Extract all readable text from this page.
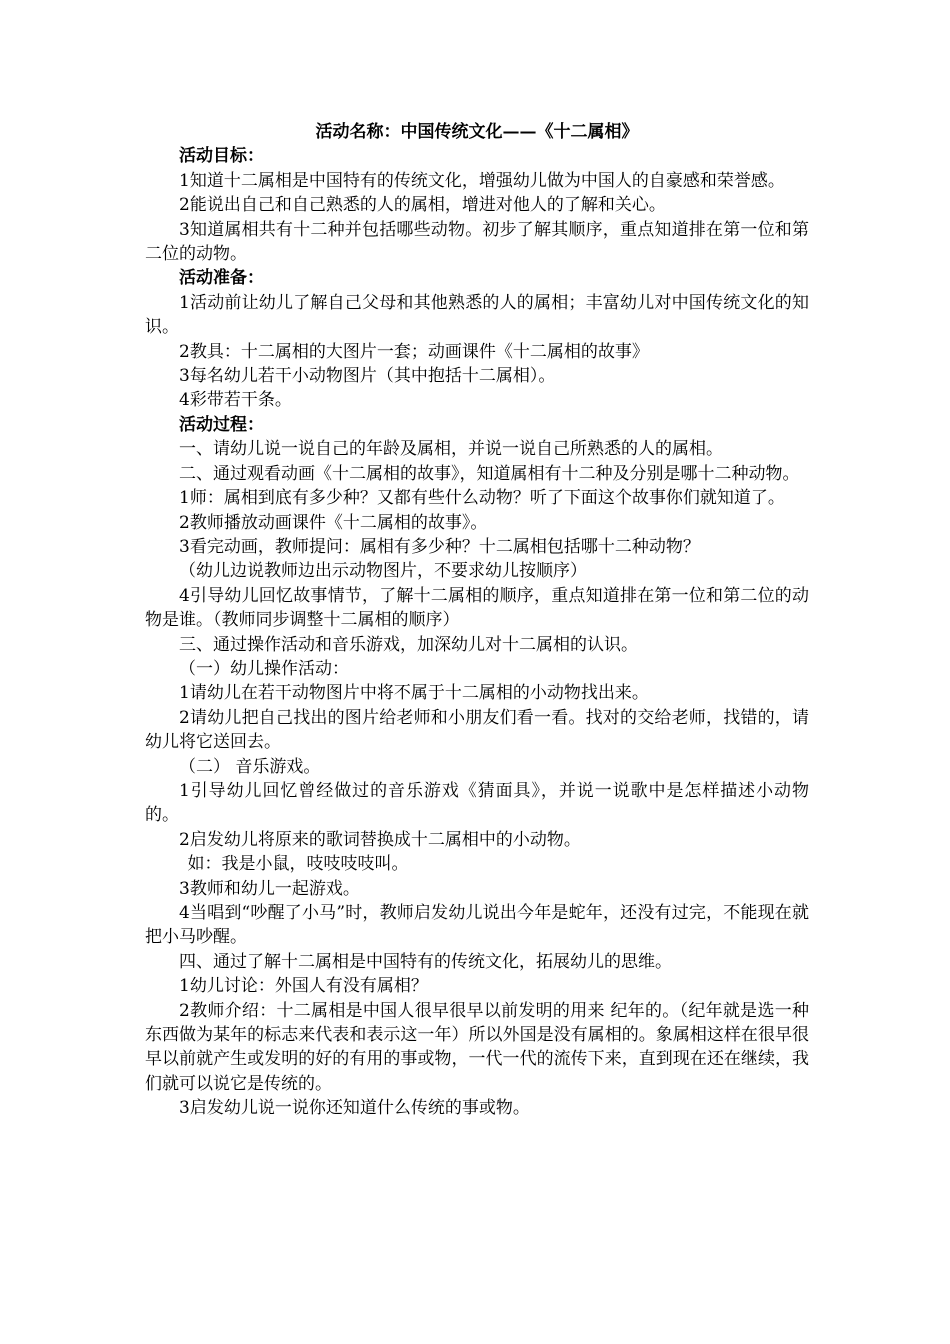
活动名称：中国传统文化——《十二属相》

活动目标：

1知道十二属相是中国特有的传统文化，增强幼儿做为中国人的自豪感和荣誉感。

2能说出自己和自己熟悉的人的属相，增进对他人的了解和关心。

3知道属相共有十二种并包括哪些动物。初步了解其顺序，重点知道排在第一位和第二位的动物。

活动准备：

1活动前让幼儿了解自己父母和其他熟悉的人的属相；丰富幼儿对中国传统文化的知识。

2教具：十二属相的大图片一套；动画课件《十二属相的故事》

3每名幼儿若干小动物图片（其中抱括十二属相）。

4彩带若干条。

活动过程：

一、请幼儿说一说自己的年龄及属相，并说一说自己所熟悉的人的属相。

二、通过观看动画《十二属相的故事》，知道属相有十二种及分别是哪十二种动物。

1师：属相到底有多少种？又都有些什么动物？听了下面这个故事你们就知道了。

2教师播放动画课件《十二属相的故事》。

3看完动画，教师提问：属相有多少种？十二属相包括哪十二种动物？

（幼儿边说教师边出示动物图片，不要求幼儿按顺序）

4引导幼儿回忆故事情节，了解十二属相的顺序，重点知道排在第一位和第二位的动物是谁。（教师同步调整十二属相的顺序）

三、通过操作活动和音乐游戏，加深幼儿对十二属相的认识。

（一）幼儿操作活动：

1请幼儿在若干动物图片中将不属于十二属相的小动物找出来。

2请幼儿把自己找出的图片给老师和小朋友们看一看。找对的交给老师，找错的，请幼儿将它送回去。

（二） 音乐游戏。

1引导幼儿回忆曾经做过的音乐游戏《猜面具》，并说一说歌中是怎样描述小动物的。

2启发幼儿将原来的歌词替换成十二属相中的小动物。

如：我是小鼠，吱吱吱吱叫。

3教师和幼儿一起游戏。

4当唱到“吵醒了小马”时，教师启发幼儿说出今年是蛇年，还没有过完，不能现在就把小马吵醒。

四、通过了解十二属相是中国特有的传统文化，拓展幼儿的思维。

1幼儿讨论：外国人有没有属相？

2教师介绍：十二属相是中国人很早很早以前发明的用来 纪年的。（纪年就是选一种东西做为某年的标志来代表和表示这一年）所以外国是没有属相的。象属相这样在很早很早以前就产生或发明的好的有用的事或物，一代一代的流传下来，直到现在还在继续，我们就可以说它是传统的。

3启发幼儿说一说你还知道什么传统的事或物。
